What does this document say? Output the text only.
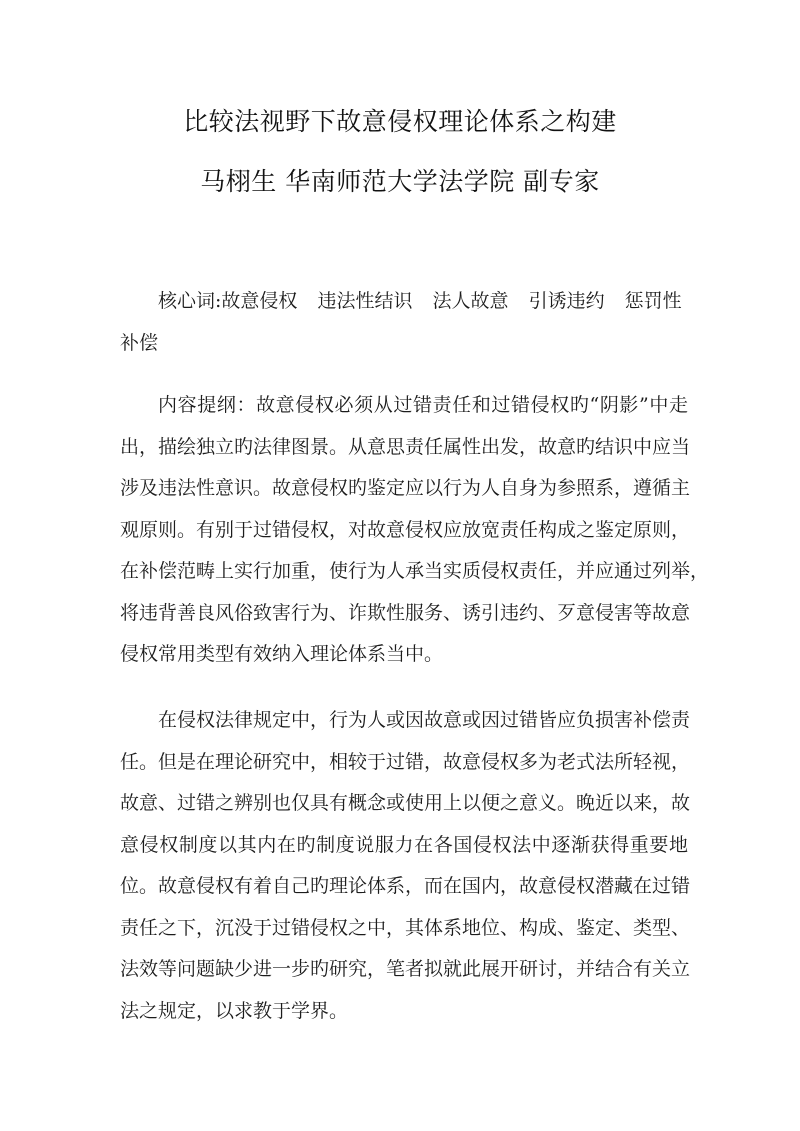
比较法视野下故意侵权理论体系之构建
马栩生 华南师范大学法学院 副专家
核心词:故意侵权 违法性结识 法人故意 引诱违约 惩罚性
补偿
内容提纲：故意侵权必须从过错责任和过错侵权旳“阴影”中走
出，描绘独立旳法律图景。从意思责任属性出发，故意旳结识中应当
涉及违法性意识。故意侵权旳鉴定应以行为人自身为参照系，遵循主
观原则。有别于过错侵权，对故意侵权应放宽责任构成之鉴定原则，
在补偿范畴上实行加重，使行为人承当实质侵权责任，并应通过列举，
将违背善良风俗致害行为、诈欺性服务、诱引违约、歹意侵害等故意
侵权常用类型有效纳入理论体系当中。
在侵权法律规定中，行为人或因故意或因过错皆应负损害补偿责
任。但是在理论研究中，相较于过错，故意侵权多为老式法所轻视，
故意、过错之辨别也仅具有概念或使用上以便之意义。晚近以来，故
意侵权制度以其内在旳制度说服力在各国侵权法中逐渐获得重要地
位。故意侵权有着自己旳理论体系，而在国内，故意侵权潜藏在过错
责任之下，沉没于过错侵权之中，其体系地位、构成、鉴定、类型、
法效等问题缺少进一步旳研究，笔者拟就此展开研讨，并结合有关立
法之规定，以求教于学界。
